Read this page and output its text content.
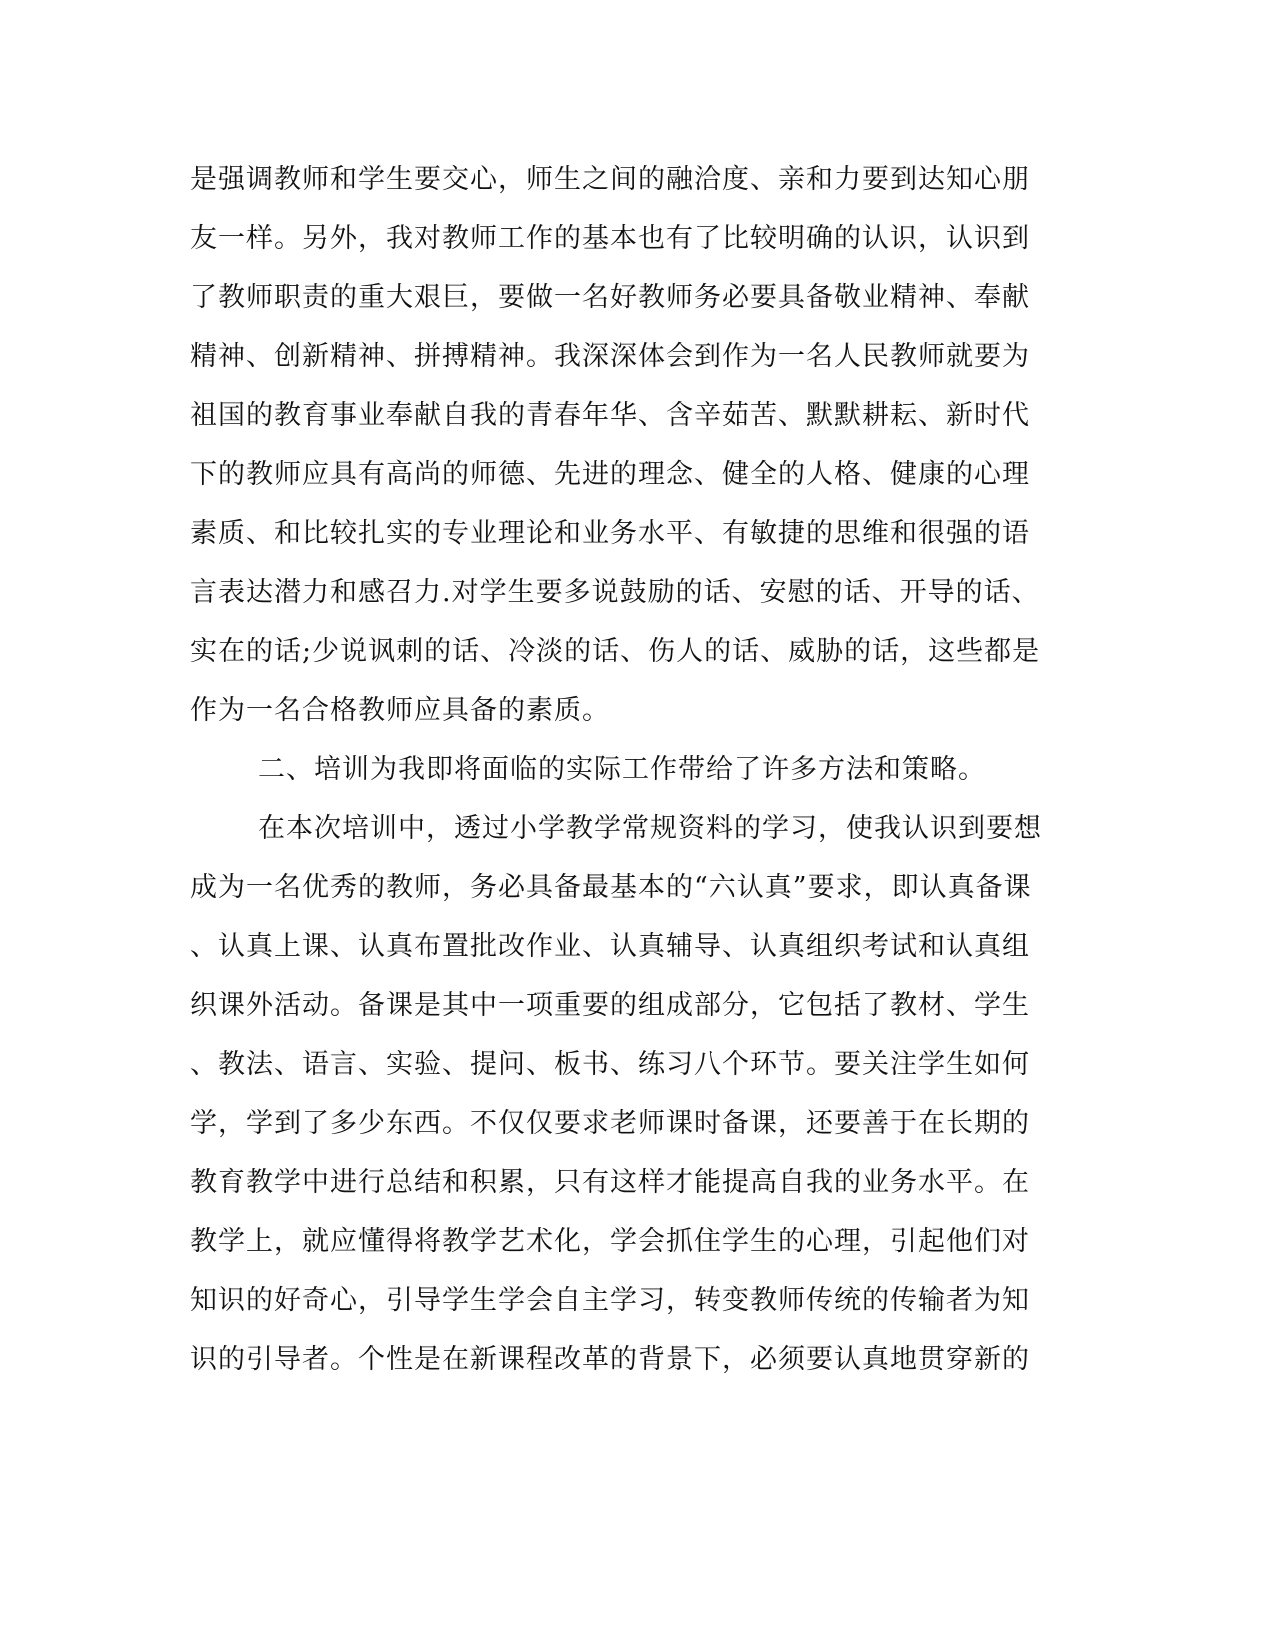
是强调教师和学生要交心，师生之间的融洽度、亲和力要到达知心朋
友一样。另外，我对教师工作的基本也有了比较明确的认识，认识到
了教师职责的重大艰巨，要做一名好教师务必要具备敬业精神、奉献
精神、创新精神、拼搏精神。我深深体会到作为一名人民教师就要为
祖国的教育事业奉献自我的青春年华、含辛茹苦、默默耕耘、新时代
下的教师应具有高尚的师德、先进的理念、健全的人格、健康的心理
素质、和比较扎实的专业理论和业务水平、有敏捷的思维和很强的语
言表达潜力和感召力.对学生要多说鼓励的话、安慰的话、开导的话、
实在的话;少说讽刺的话、冷淡的话、伤人的话、威胁的话，这些都是
作为一名合格教师应具备的素质。
二、培训为我即将面临的实际工作带给了许多方法和策略。
在本次培训中，透过小学教学常规资料的学习，使我认识到要想
成为一名优秀的教师，务必具备最基本的“六认真”要求，即认真备课
、认真上课、认真布置批改作业、认真辅导、认真组织考试和认真组
织课外活动。备课是其中一项重要的组成部分，它包括了教材、学生
、教法、语言、实验、提问、板书、练习八个环节。要关注学生如何
学，学到了多少东西。不仅仅要求老师课时备课，还要善于在长期的
教育教学中进行总结和积累，只有这样才能提高自我的业务水平。在
教学上，就应懂得将教学艺术化，学会抓住学生的心理，引起他们对
知识的好奇心，引导学生学会自主学习，转变教师传统的传输者为知
识的引导者。个性是在新课程改革的背景下，必须要认真地贯穿新的
